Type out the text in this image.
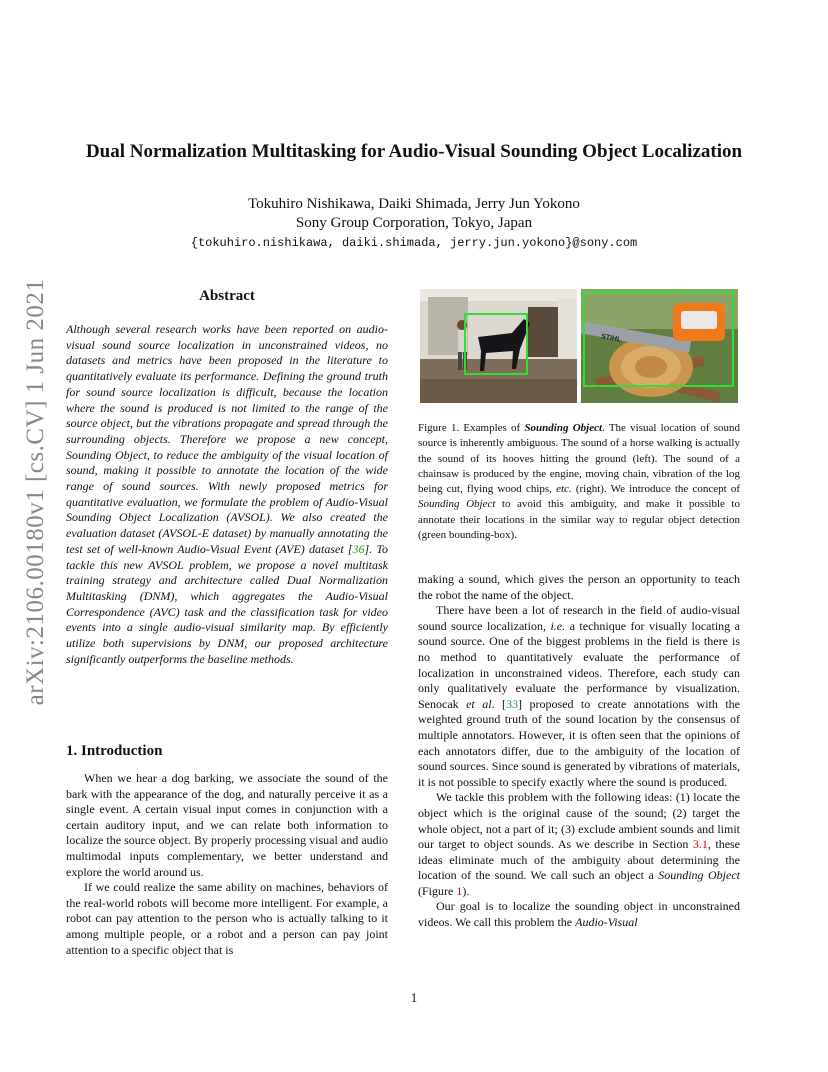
arXiv:2106.00180v1 [cs.CV] 1 Jun 2021
Dual Normalization Multitasking for Audio-Visual Sounding Object Localization
Tokuhiro Nishikawa, Daiki Shimada, Jerry Jun Yokono
Sony Group Corporation, Tokyo, Japan
{tokuhiro.nishikawa, daiki.shimada, jerry.jun.yokono}@sony.com
Abstract
Although several research works have been reported on audio-visual sound source localization in unconstrained videos, no datasets and metrics have been proposed in the literature to quantitatively evaluate its performance. Defining the ground truth for sound source localization is difficult, because the location where the sound is produced is not limited to the range of the source object, but the vibrations propagate and spread through the surrounding objects. Therefore we propose a new concept, Sounding Object, to reduce the ambiguity of the visual location of sound, making it possible to annotate the location of the wide range of sound sources. With newly proposed metrics for quantitative evaluation, we formulate the problem of Audio-Visual Sounding Object Localization (AVSOL). We also created the evaluation dataset (AVSOL-E dataset) by manually annotating the test set of well-known Audio-Visual Event (AVE) dataset [36]. To tackle this new AVSOL problem, we propose a novel multitask training strategy and architecture called Dual Normalization Multitasking (DNM), which aggregates the Audio-Visual Correspondence (AVC) task and the classification task for video events into a single audio-visual similarity map. By efficiently utilize both supervisions by DNM, our proposed architecture significantly outperforms the baseline methods.
1. Introduction

When we hear a dog barking, we associate the sound of the bark with the appearance of the dog, and naturally perceive it as a single event. A certain visual input comes in conjunction with a certain auditory input, and we can relate both information to localize the source object. By properly processing visual and audio multimodal inputs complementary, we better understand and explore the world around us.

If we could realize the same ability on machines, behaviors of the real-world robots will become more intelligent. For example, a robot can pay attention to the person who is actually talking to it among multiple people, or a robot and a person can pay joint attention to a specific object that is

STIHL
Figure 1. Examples of Sounding Object. The visual location of sound source is inherently ambiguous. The sound of a horse walking is actually the sound of its hooves hitting the ground (left). The sound of a chainsaw is produced by the engine, moving chain, vibration of the log being cut, flying wood chips, etc. (right). We introduce the concept of Sounding Object to avoid this ambiguity, and make it possible to annotate their locations in the similar way to regular object detection (green bounding-box).

making a sound, which gives the person an opportunity to teach the robot the name of the object.

There have been a lot of research in the field of audio-visual sound source localization, i.e. a technique for visually locating a sound source. One of the biggest problems in the field is there is no method to quantitatively evaluate the performance of localization in unconstrained videos. Therefore, each study can only qualitatively evaluate the performance by visualization. Senocak et al. [33] proposed to create annotations with the weighted ground truth of the sound location by the consensus of multiple annotators. However, it is often seen that the opinions of each annotators differ, due to the ambiguity of the location of sound sources. Since sound is generated by vibrations of materials, it is not possible to specify exactly where the sound is produced.

We tackle this problem with the following ideas: (1) locate the object which is the original cause of the sound; (2) target the whole object, not a part of it; (3) exclude ambient sounds and limit our target to object sounds. As we describe in Section 3.1, these ideas eliminate much of the ambiguity about determining the location of the sound. We call such an object a Sounding Object (Figure 1).

Our goal is to localize the sounding object in unconstrained videos. We call this problem the Audio-Visual

1
